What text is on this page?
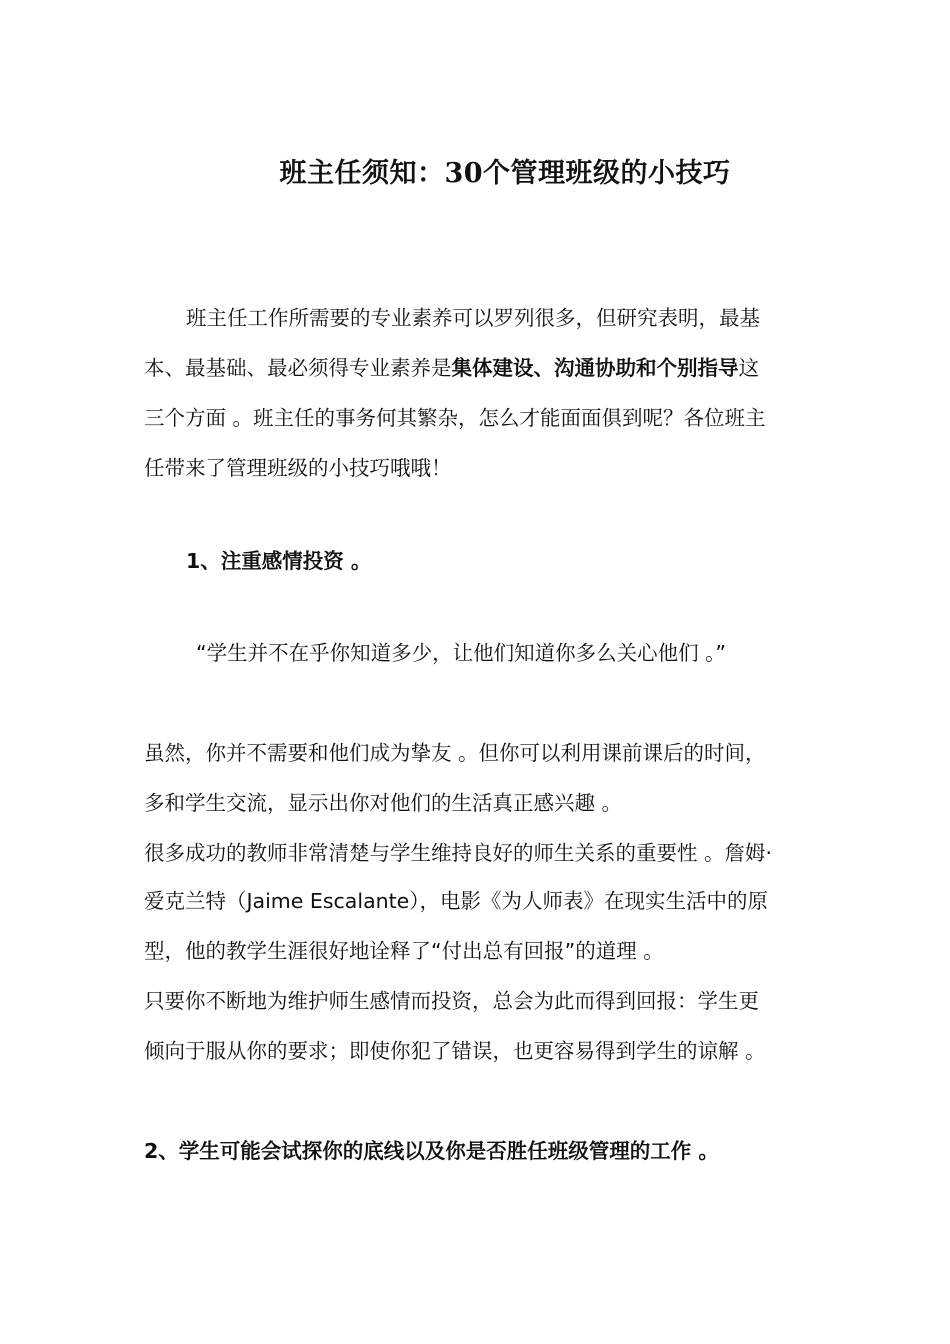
班主任须知：30个管理班级的小技巧
班主任工作所需要的专业素养可以罗列很多，但研究表明，最基
本、最基础、最必须得专业素养是集体建设、沟通协助和个别指导这
三个方面 。班主任的事务何其繁杂，怎么才能面面俱到呢？各位班主
任带来了管理班级的小技巧哦哦！
1、注重感情投资 。
“学生并不在乎你知道多少，让他们知道你多么关心他们 。”
虽然，你并不需要和他们成为挚友 。但你可以利用课前课后的时间，
多和学生交流，显示出你对他们的生活真正感兴趣 。
很多成功的教师非常清楚与学生维持良好的师生关系的重要性 。詹姆·
爱克兰特（Jaime Escalante），电影《为人师表》在现实生活中的原
型，他的教学生涯很好地诠释了“付出总有回报”的道理 。
只要你不断地为维护师生感情而投资，总会为此而得到回报：学生更
倾向于服从你的要求；即使你犯了错误，也更容易得到学生的谅解 。
2、学生可能会试探你的底线以及你是否胜任班级管理的工作 。
